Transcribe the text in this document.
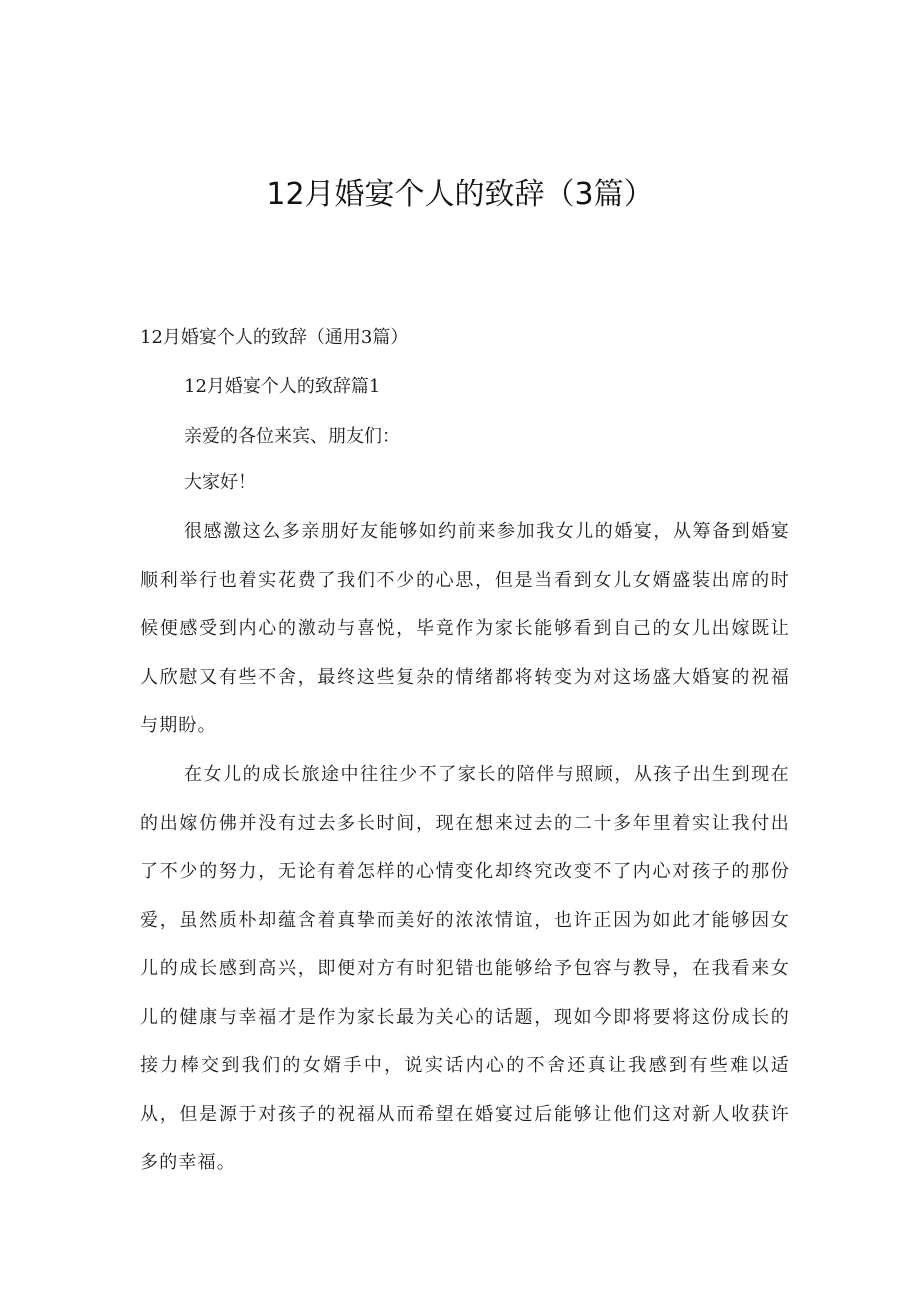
12月婚宴个人的致辞（3篇）

12月婚宴个人的致辞（通用3篇）

12月婚宴个人的致辞篇1

亲爱的各位来宾、朋友们：

大家好！

很感激这么多亲朋好友能够如约前来参加我女儿的婚宴，从筹备到婚宴顺利举行也着实花费了我们不少的心思，但是当看到女儿女婿盛装出席的时候便感受到内心的激动与喜悦，毕竟作为家长能够看到自己的女儿出嫁既让人欣慰又有些不舍，最终这些复杂的情绪都将转变为对这场盛大婚宴的祝福与期盼。

在女儿的成长旅途中往往少不了家长的陪伴与照顾，从孩子出生到现在的出嫁仿佛并没有过去多长时间，现在想来过去的二十多年里着实让我付出了不少的努力，无论有着怎样的心情变化却终究改变不了内心对孩子的那份爱，虽然质朴却蕴含着真挚而美好的浓浓情谊，也许正因为如此才能够因女儿的成长感到高兴，即便对方有时犯错也能够给予包容与教导，在我看来女儿的健康与幸福才是作为家长最为关心的话题，现如今即将要将这份成长的接力棒交到我们的女婿手中，说实话内心的不舍还真让我感到有些难以适从，但是源于对孩子的祝福从而希望在婚宴过后能够让他们这对新人收获许多的幸福。
